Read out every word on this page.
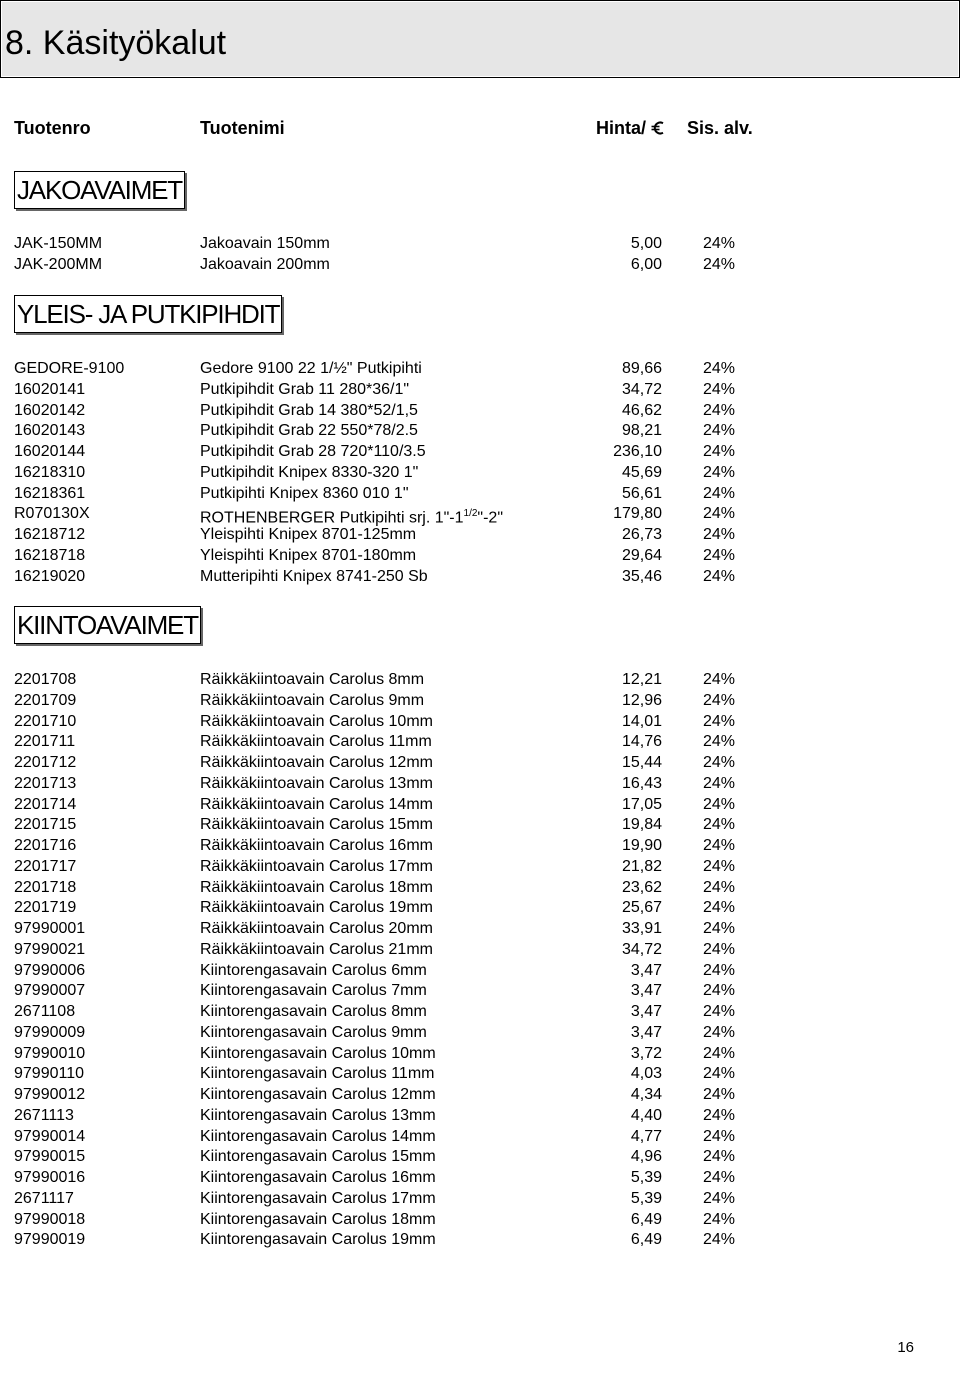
8. Käsityökalut
Tuotenro	Tuotenimi	Hinta/	Sis. alv.
JAKOAVAIMET
JAK-150MM	Jakoavain 150mm	5,00	24%
JAK-200MM	Jakoavain 200mm	6,00	24%
YLEIS- JA PUTKIPIHDIT
GEDORE-9100	Gedore 9100 22 1/½" Putkipihti	89,66	24%
16020141	Putkipihdit Grab 11 280*36/1"	34,72	24%
16020142	Putkipihdit Grab 14 380*52/1,5	46,62	24%
16020143	Putkipihdit Grab 22 550*78/2.5	98,21	24%
16020144	Putkipihdit Grab 28 720*110/3.5	236,10	24%
16218310	Putkipihdit Knipex 8330-320 1"	45,69	24%
16218361	Putkipihti Knipex 8360 010 1"	56,61	24%
R070130X	ROTHENBERGER Putkipihti srj. $1"-1^{1/2}"-2$"	179,80	24%
16218712	Yleispihti Knipex 8701-125mm	26,73	24%
16218718	Yleispihti Knipex 8701-180mm	29,64	24%
16219020	Mutteripihti Knipex 8741-250 Sb	35,46	24%
KIINTOAVAIMET
2201708	Räikkäkiintoavain Carolus 8mm	12,21	24%
2201709	Räikkäkiintoavain Carolus 9mm	12,96	24%
2201710	Räikkäkiintoavain Carolus 10mm	14,01	24%
2201711	Räikkäkiintoavain Carolus 11mm	14,76	24%
2201712	Räikkäkiintoavain Carolus 12mm	15,44	24%
2201713	Räikkäkiintoavain Carolus 13mm	16,43	24%
2201714	Räikkäkiintoavain Carolus 14mm	17,05	24%
2201715	Räikkäkiintoavain Carolus 15mm	19,84	24%
2201716	Räikkäkiintoavain Carolus 16mm	19,90	24%
2201717	Räikkäkiintoavain Carolus 17mm	21,82	24%
2201718	Räikkäkiintoavain Carolus 18mm	23,62	24%
2201719	Räikkäkiintoavain Carolus 19mm	25,67	24%
97990001	Räikkäkiintoavain Carolus 20mm	33,91	24%
97990021	Räikkäkiintoavain Carolus 21mm	34,72	24%
97990006	Kiintorengasavain Carolus 6mm	3,47	24%
97990007	Kiintorengasavain Carolus 7mm	3,47	24%
2671108	Kiintorengasavain Carolus 8mm	3,47	24%
97990009	Kiintorengasavain Carolus 9mm	3,47	24%
97990010	Kiintorengasavain Carolus 10mm	3,72	24%
97990110	Kiintorengasavain Carolus 11mm	4,03	24%
97990012	Kiintorengasavain Carolus 12mm	4,34	24%
2671113	Kiintorengasavain Carolus 13mm	4,40	24%
97990014	Kiintorengasavain Carolus 14mm	4,77	24%
97990015	Kiintorengasavain Carolus 15mm	4,96	24%
97990016	Kiintorengasavain Carolus 16mm	5,39	24%
2671117	Kiintorengasavain Carolus 17mm	5,39	24%
97990018	Kiintorengasavain Carolus 18mm	6,49	24%
97990019	Kiintorengasavain Carolus 19mm	6,49	24%
16
